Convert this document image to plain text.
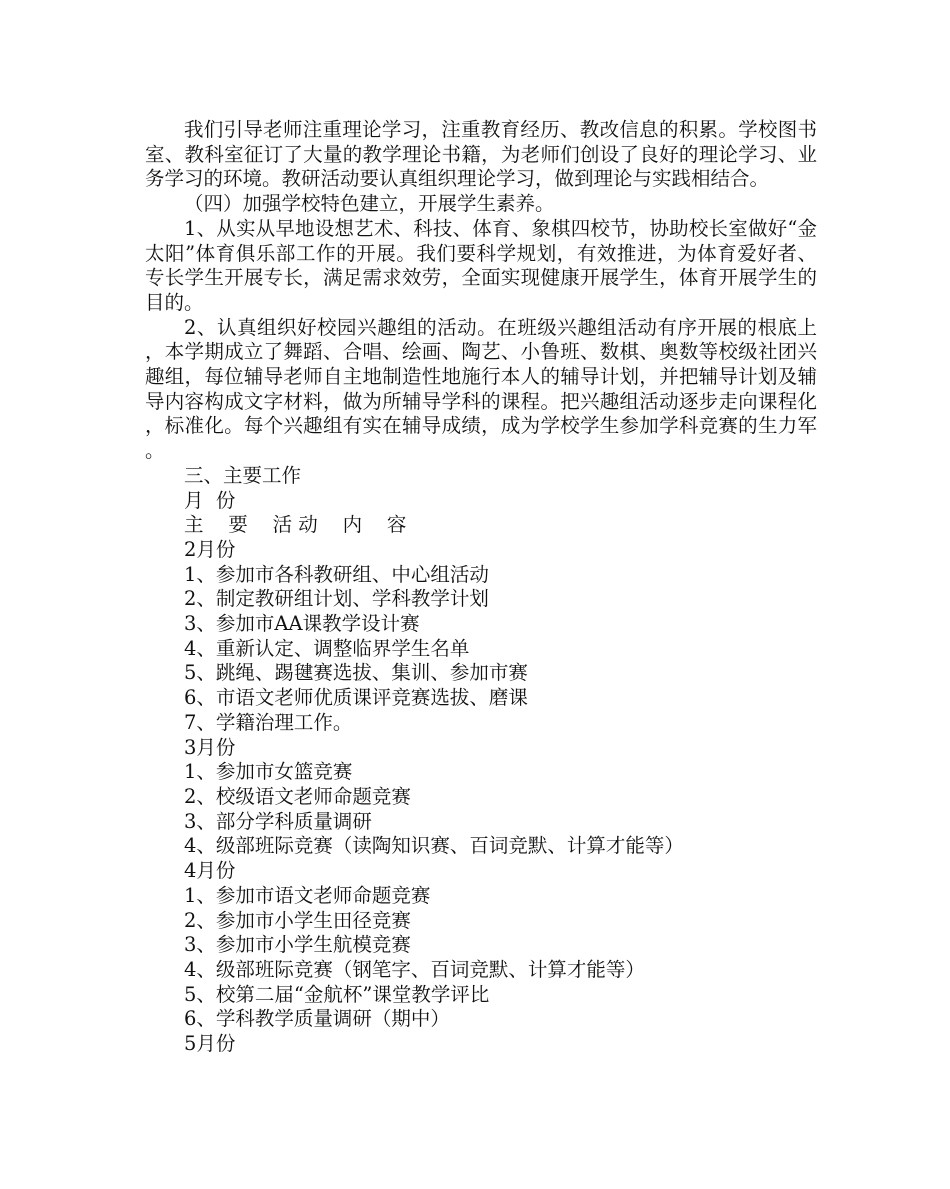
我们引导老师注重理论学习，注重教育经历、教改信息的积累。学校图书室、教科室征订了大量的教学理论书籍，为老师们创设了良好的理论学习、业务学习的环境。教研活动要认真组织理论学习，做到理论与实践相结合。

（四）加强学校特色建立，开展学生素养。

1、从实从早地设想艺术、科技、体育、象棋四校节，协助校长室做好“金太阳”体育俱乐部工作的开展。我们要科学规划，有效推进，为体育爱好者、专长学生开展专长，满足需求效劳，全面实现健康开展学生，体育开展学生的目的。

2、认真组织好校园兴趣组的活动。在班级兴趣组活动有序开展的根底上，本学期成立了舞蹈、合唱、绘画、陶艺、小鲁班、数棋、奥数等校级社团兴趣组，每位辅导老师自主地制造性地施行本人的辅导计划，并把辅导计划及辅导内容构成文字材料，做为所辅导学科的课程。把兴趣组活动逐步走向课程化，标准化。每个兴趣组有实在辅导成绩，成为学校学生参加学科竞赛的生力军。

三、主要工作

月  份

主    要    活 动    内    容

2月份

1、参加市各科教研组、中心组活动

2、制定教研组计划、学科教学计划

3、参加市AA课教学设计赛

4、重新认定、调整临界学生名单

5、跳绳、踢毽赛选拔、集训、参加市赛

6、市语文老师优质课评竞赛选拔、磨课

7、学籍治理工作。

3月份

1、参加市女篮竞赛

2、校级语文老师命题竞赛

3、部分学科质量调研

4、级部班际竞赛（读陶知识赛、百词竞默、计算才能等）

4月份

1、参加市语文老师命题竞赛

2、参加市小学生田径竞赛

3、参加市小学生航模竞赛

4、级部班际竞赛（钢笔字、百词竞默、计算才能等）

5、校第二届“金航杯”课堂教学评比

6、学科教学质量调研（期中）

5月份
